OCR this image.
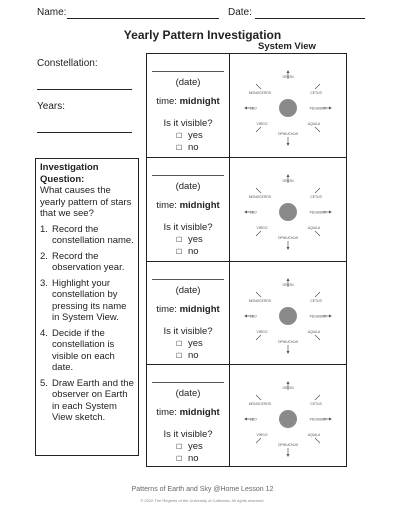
Name:	Date:
Yearly Pattern Investigation
System View
Constellation:
Years:
Investigation Question:
What causes the yearly pattern of stars that we see?
1. Record the constellation name.
2. Record the observation year.
3. Highlight your constellation by pressing its name in System View.
4. Decide if the constellation is visible on each date.
5. Draw Earth and the observer on Earth in each System View sketch.
(date)
time: midnight
Is it visible?
☐ yes
☐ no
ORION
MONOCEROS	CETUS
LEO	PEGASUS
VIRGO	AQUILA
OPHIUCHUS
(date)
time: midnight
Is it visible?
☐ yes
☐ no
ORION
MONOCEROS	CETUS
LEO	PEGASUS
VIRGO	AQUILA
OPHIUCHUS
(date)
time: midnight
Is it visible?
☐ yes
☐ no
ORION
MONOCEROS	CETUS
LEO	PEGASUS
VIRGO	AQUILA
OPHIUCHUS
(date)
time: midnight
Is it visible?
☐ yes
☐ no
ORION
MONOCEROS	CETUS
LEO	PEGASUS
VIRGO	AQUILA
OPHIUCHUS
Patterns of Earth and Sky @Home Lesson 12
© 2020 The Regents of the University of California. All rights reserved.
